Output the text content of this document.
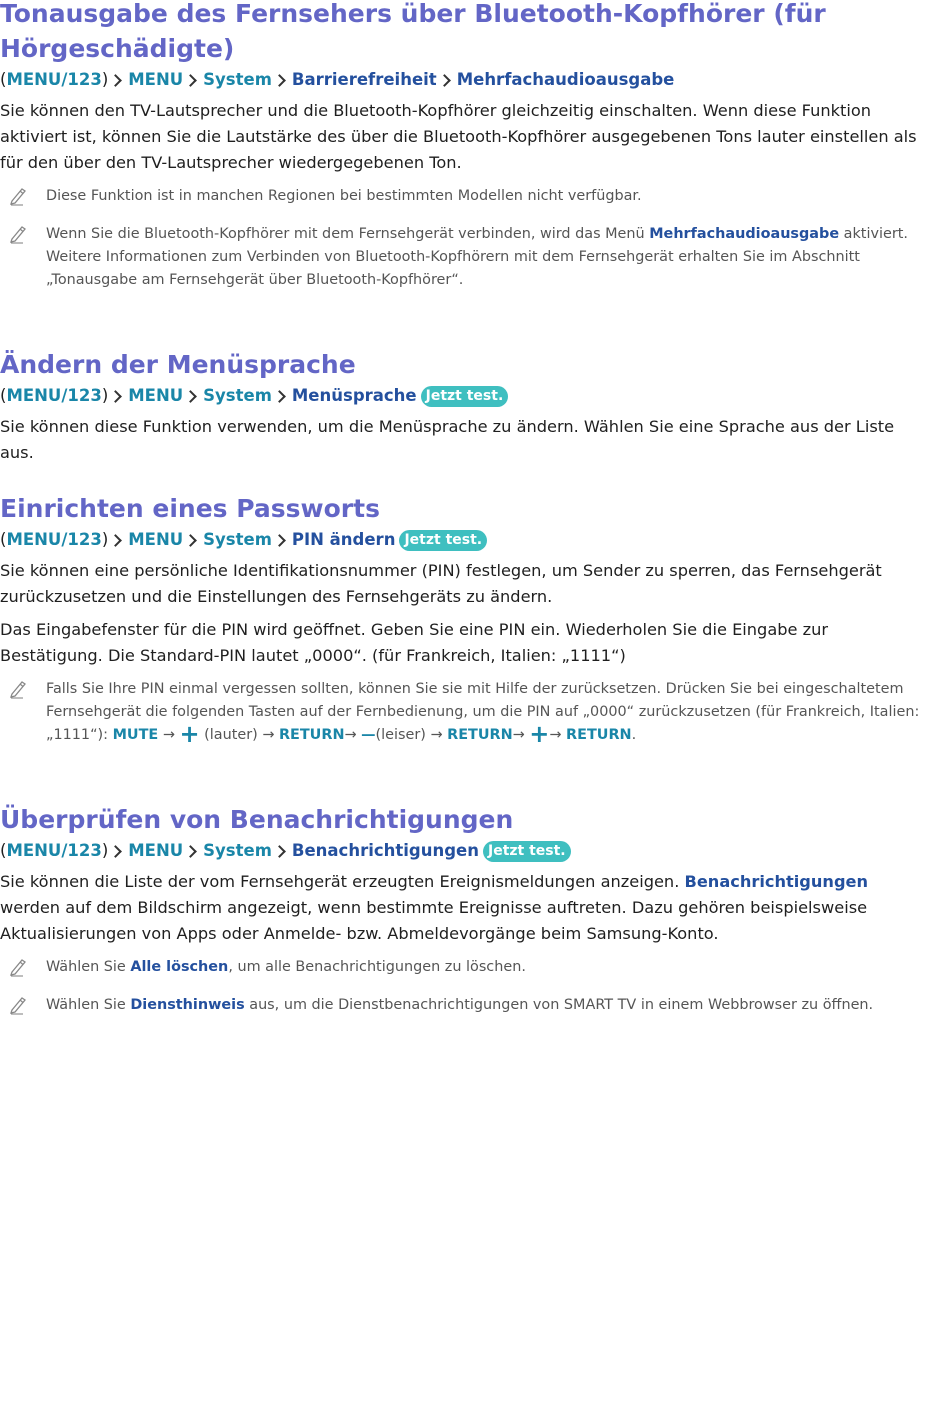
Tonausgabe des Fernsehers über Bluetooth-Kopfhörer (für Hörgeschädigte)
(MENU/123) MENU System Barrierefreiheit Mehrfachaudioausgabe

Sie können den TV-Lautsprecher und die Bluetooth-Kopfhörer gleichzeitig einschalten. Wenn diese Funktion aktiviert ist, können Sie die Lautstärke des über die Bluetooth-Kopfhörer ausgegebenen Tons lauter einstellen als für den über den TV-Lautsprecher wiedergegebenen Ton.

Diese Funktion ist in manchen Regionen bei bestimmten Modellen nicht verfügbar.
Wenn Sie die Bluetooth-Kopfhörer mit dem Fernsehgerät verbinden, wird das Menü Mehrfachaudioausgabe aktiviert. Weitere Informationen zum Verbinden von Bluetooth-Kopfhörern mit dem Fernsehgerät erhalten Sie im Abschnitt „Tonausgabe am Fernsehgerät über Bluetooth-Kopfhörer“.
Ändern der Menüsprache
(MENU/123) MENU System Menüsprache Jetzt test.

Sie können diese Funktion verwenden, um die Menüsprache zu ändern. Wählen Sie eine Sprache aus der Liste aus.

Einrichten eines Passworts
(MENU/123) MENU System PIN ändern Jetzt test.

Sie können eine persönliche Identifikationsnummer (PIN) festlegen, um Sender zu sperren, das Fernsehgerät zurückzusetzen und die Einstellungen des Fernsehgeräts zu ändern.

Das Eingabefenster für die PIN wird geöffnet. Geben Sie eine PIN ein. Wiederholen Sie die Eingabe zur Bestätigung. Die Standard-PIN lautet „0000“. (für Frankreich, Italien: „1111“)

Falls Sie Ihre PIN einmal vergessen sollten, können Sie sie mit Hilfe der zurücksetzen. Drücken Sie bei eingeschaltetem Fernsehgerät die folgenden Tasten auf der Fernbedienung, um die PIN auf „0000“ zurückzusetzen (für Frankreich, Italien: „1111“): MUTE → + (lauter) → RETURN→ —(leiser) → RETURN→ +→ RETURN.
Überprüfen von Benachrichtigungen
(MENU/123) MENU System Benachrichtigungen Jetzt test.

Sie können die Liste der vom Fernsehgerät erzeugten Ereignismeldungen anzeigen. Benachrichtigungen werden auf dem Bildschirm angezeigt, wenn bestimmte Ereignisse auftreten. Dazu gehören beispielsweise Aktualisierungen von Apps oder Anmelde- bzw. Abmeldevorgänge beim Samsung-Konto.

Wählen Sie Alle löschen, um alle Benachrichtigungen zu löschen.
Wählen Sie Diensthinweis aus, um die Dienstbenachrichtigungen von SMART TV in einem Webbrowser zu öffnen.
